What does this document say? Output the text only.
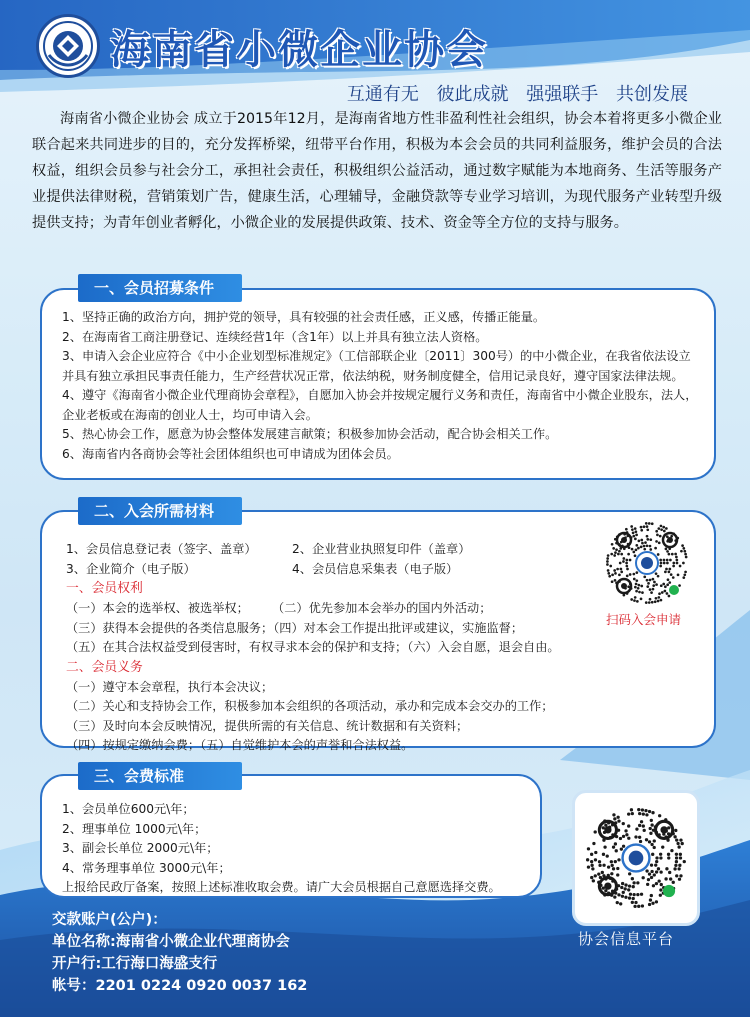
海南省小微企业协会
互通有无 彼此成就 强强联手 共创发展
海南省小微企业协会 成立于2015年12月，是海南省地方性非盈利性社会组织，协会本着将更多小微企业联合起来共同进步的目的，充分发挥桥梁，纽带平台作用，积极为本会会员的共同利益服务，维护会员的合法权益，组织会员参与社会分工，承担社会责任，积极组织公益活动，通过数字赋能为本地商务、生活等服务产业提供法律财税，营销策划广告，健康生活，心理辅导，金融贷款等专业学习培训，为现代服务产业转型升级提供支持；为青年创业者孵化，小微企业的发展提供政策、技术、资金等全方位的支持与服务。
1、坚持正确的政治方向，拥护党的领导，具有较强的社会责任感，正义感，传播正能量。
2、在海南省工商注册登记、连续经营1年（含1年）以上并具有独立法人资格。
3、申请入会企业应符合《中小企业划型标准规定》（工信部联企业〔2011〕300号）的中小微企业，在我省依法设立并具有独立承担民事责任能力，生产经营状况正常，依法纳税，财务制度健全，信用记录良好，遵守国家法律法规。
4、遵守《海南省小微企业代理商协会章程》，自愿加入协会并按规定履行义务和责任，海南省中小微企业股东，法人，企业老板或在海南的创业人士，均可申请入会。
5、热心协会工作，愿意为协会整体发展建言献策；积极参加协会活动，配合协会相关工作。
6、海南省内各商协会等社会团体组织也可申请成为团体会员。
一、会员招募条件
1、会员信息登记表（签字、盖章）	2、企业营业执照复印件（盖章）
3、企业简介（电子版）	4、会员信息采集表（电子版）
一、会员权利
（一）本会的选举权、被选举权；      （二）优先参加本会举办的国内外活动；
（三）获得本会提供的各类信息服务；（四）对本会工作提出批评或建议，实施监督；
（五）在其合法权益受到侵害时，有权寻求本会的保护和支持；（六）入会自愿，退会自由。
二、会员义务
（一）遵守本会章程，执行本会决议；
（二）关心和支持协会工作，积极参加本会组织的各项活动，承办和完成本会交办的工作；
（三）及时向本会反映情况，提供所需的有关信息、统计数据和有关资料；
（四）按规定缴纳会费；（五）自觉维护本会的声誉和合法权益。
二、入会所需材料
扫码入会申请
1、会员单位600元\年；
2、理事单位 1000元\年；
3、副会长单位 2000元\年；
4、常务理事单位 3000元\年；
上报给民政厅备案，按照上述标准收取会费。请广大会员根据自己意愿选择交费。
三、会费标准
协会信息平台
交款账户(公户)：
单位名称:海南省小微企业代理商协会
开户行:工行海口海盛支行
帐号：2201 0224 0920 0037 162
